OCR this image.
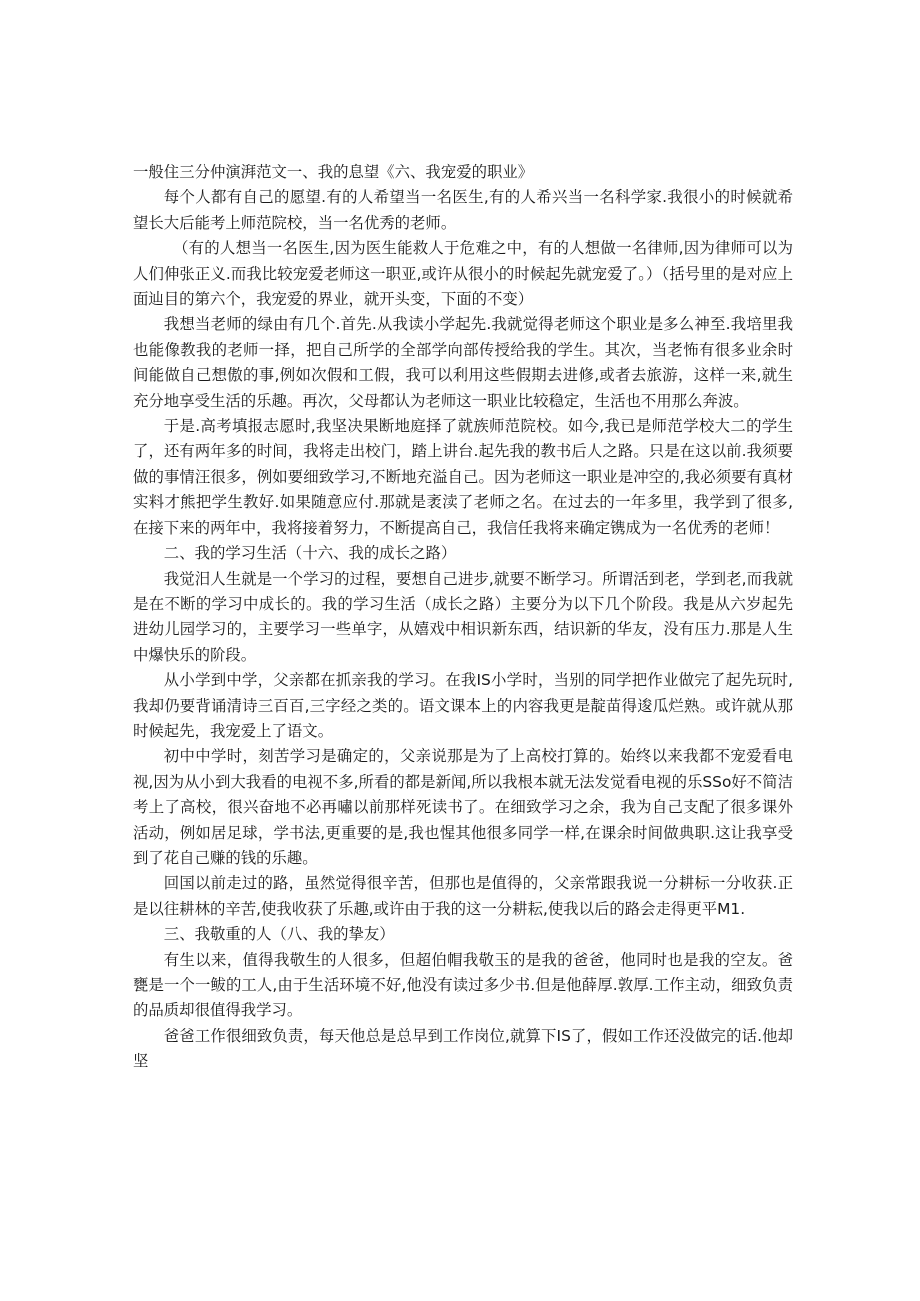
一般住三分仲演湃范文一、我的息望《六、我宠爱的职业》

每个人都有自己的愿望.有的人希望当一名医生,有的人希兴当一名科学家.我很小的时候就希望长大后能考上师范院校，当一名优秀的老师。

（有的人想当一名医生,因为医生能救人于危难之中，有的人想做一名律师,因为律师可以为人们伸张正义.而我比较宠爱老师这一职亚,或许从很小的时候起先就宠爱了。）（括号里的是对应上面辿目的第六个，我宠爱的界业，就开头变，下面的不变）

我想当老师的绿由有几个.首先.从我读小学起先.我就觉得老师这个职业是多么神至.我培里我也能像教我的老师一择，把自己所学的全部学向部传授给我的学生。其次，当老怖有很多业余时间能做自己想傲的事,例如次假和工假，我可以利用这些假期去进修,或者去旅游，这样一来,就生充分地享受生活的乐趣。再次，父母都认为老师这一职业比较稳定，生活也不用那么奔波。

于是.高考填报志愿时,我坚决果断地庭择了就族师范院校。如今,我已是师范学校大二的学生了，还有两年多的时间，我将走出校门，踏上讲台.起先我的教书后人之路。只是在这以前.我须要做的事情汪很多，例如要细致学习,不断地充溢自己。因为老师这一职业是冲空的,我必须要有真材实料才熊把学生教好.如果随意应付.那就是袤渎了老师之名。在过去的一年多里，我学到了很多,在接下来的两年中，我将接着努力，不断提高自己，我信任我将来确定镌成为一名优秀的老师！

二、我的学习生活（十六、我的成长之路）

我觉汨人生就是一个学习的过程，要想自己进步,就要不断学习。所谓活到老，学到老,而我就是在不断的学习中成长的。我的学习生活（成长之路）主要分为以下几个阶段。我是从六岁起先进幼儿园学习的，主要学习一些单字，从嬉戏中相识新东西，结识新的华友，没有压力.那是人生中爆快乐的阶段。

从小学到中学，父亲都在抓亲我的学习。在我IS小学时，当别的同学把作业做完了起先玩时,我却仍要背诵清诗三百百,三字经之类的。语文课本上的内容我更是靛苗得逡瓜烂熟。或许就从那时候起先，我宠爱上了语文。

初中中学时，刻苦学习是确定的，父亲说那是为了上高校打算的。始终以来我都不宠爱看电视,因为从小到大我看的电视不多,所看的都是新闻,所以我根本就无法发觉看电视的乐SSo好不简洁考上了高校，很兴奋地不必再嘯以前那样死读书了。在细致学习之余，我为自己支配了很多课外活动，例如居足球，学书法,更重要的是,我也惺其他很多同学一样,在课余时间做典职.这让我享受到了花自己赚的钱的乐趣。

回国以前走过的路，虽然觉得很辛苦，但那也是值得的，父亲常跟我说一分耕标一分收获.正是以往耕林的辛苦,使我收获了乐趣,或许由于我的这一分耕耘,使我以后的路会走得更平M1.

三、我敬重的人（八、我的挚友）

有生以来，值得我敬生的人很多，但超伯帽我敬玉的是我的爸爸，他同时也是我的空友。爸甕是一个一鲅的工人,由于生活环境不好,他没有读过多少书.但是他薛厚.敦厚.工作主动，细致负责的品质却很值得我学习。

爸爸工作很细致负责，每天他总是总早到工作岗位,就算下IS了，假如工作还没做完的话.他却坚
